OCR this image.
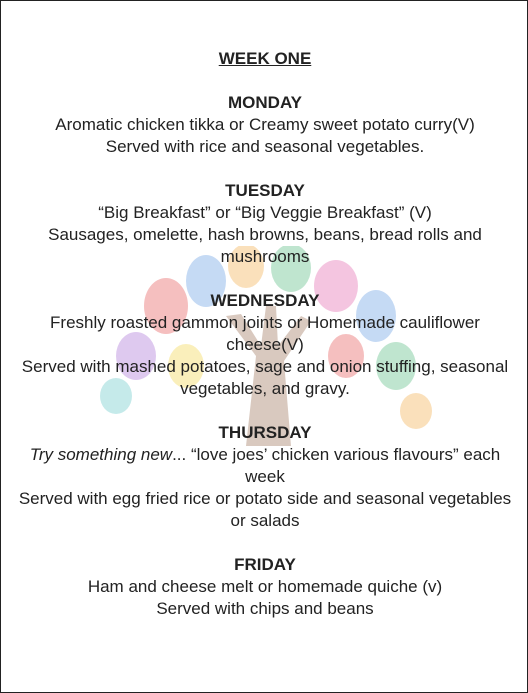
WEEK ONE
MONDAY
Aromatic chicken tikka or Creamy sweet potato curry(V)
Served with rice and seasonal vegetables.
TUESDAY
“Big Breakfast” or “Big Veggie Breakfast” (V)
Sausages, omelette, hash browns, beans, bread rolls and mushrooms
WEDNESDAY
Freshly roasted gammon joints or Homemade cauliflower cheese(V)
Served with mashed potatoes, sage and onion stuffing, seasonal vegetables, and gravy.
THURSDAY
Try something new... “love joes’ chicken various flavours” each week
Served with egg fried rice or potato side and seasonal vegetables or salads
FRIDAY
Ham and cheese melt or homemade quiche (v)
Served with chips and beans
